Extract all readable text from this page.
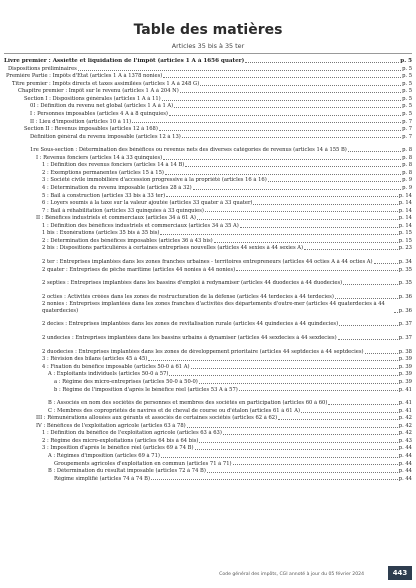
Table des matières
Articles 35 bis à 35 ter
Livre premier : Assiette et liquidation de l'impôt (articles 1 A à 1656 quater)	p. 5
Dispositions préliminaires	p. 5
Première Partie : Impôts d'État (articles 1 A à 1378 nonies)	p. 5
Titre premier : Impôts directs et taxes assimilées (articles 1 A à 248 G)	p. 5
Chapitre premier : Impôt sur le revenu (articles 1 A à 204 N)	p. 5
Section I : Dispositions générales (articles 1 A à 11)	p. 5
0I : Définition du revenu net global (articles 1 A à 1 A)	p. 5
I : Personnes imposables (articles 4 A à 8 quinquies)	p. 5
II : Lieu d'imposition (articles 10 à 11)	p. 7
Section II : Revenus imposables (articles 12 à 168)	p. 7
Définition général du revenu imposable (articles 12 à 13)	p. 7
1re Sous-section : Détermination des bénéfices ou revenus nets des diverses catégories de revenus (articles 14 à 155 B)	p. 8
I : Revenus fonciers (articles 14 à 33 quinquies)	p. 8
1 : Définition des revenus fonciers (articles 14 à 14 B)	p. 8
2 : Exemptions permanentes (articles 15 à 15)	p. 8
3 : Société civile immobilière d'accession progressive à la propriété (articles 16 à 16)	p. 9
4 : Détermination du revenu imposable (articles 28 à 32)	p. 9
5 : Bail à construction (articles 33 bis à 33 ter)	p. 14
6 : Loyers soumis à la taxe sur la valeur ajoutée (articles 33 quater à 33 quater)	p. 14
7 : Bail à réhabilitation (articles 33 quinquies à 33 quinquies)	p. 14
II : Bénéfices industriels et commerciaux (articles 34 à 61 A)	p. 14
1 : Définition des bénéfices industriels et commerciaux (articles 34 à 35 A)	p. 14
1 bis : Exonérations (articles 35 bis à 35 bis)	p. 15
2 : Détermination des bénéfices imposables (articles 36 à 43 bis)	p. 15
2 bis : Dispositions particulières à certaines entreprises nouvelles (articles 44 sexies à 44 sexies A)	p. 23
2 ter : Entreprises implantées dans les zones franches urbaines - territoires entrepreneurs (articles 44 octies A à 44 octies A)	p. 34
2 quater : Entreprises de pêche maritime (articles 44 nonies à 44 nonies)	p. 35
2 septies : Entreprises implantées dans les bassins d'emploi à redynamiser (articles 44 duodecies à 44 duodecies)	p. 35
2 octies : Activités créées dans les zones de restructuration de la défense (articles 44 terdecies à 44 terdecies)	p. 36
2 nonies : Entreprises implantées dans les zones franches d'activités des départements d'outre-mer (articles 44 quaterdecies à 44 quaterdecies)	p. 36
2 decies : Entreprises implantées dans les zones de revitalisation rurale (articles 44 quindecies à 44 quindecies)	p. 37
2 undecies : Entreprises implantées dans les bassins urbains à dynamiser (articles 44 sexdecies à 44 sexdecies)	p. 37
2 duodecies : Entreprises implantées dans les zones de développement prioritaire (articles 44 septdecies à 44 septdecies)	p. 38
3 : Révision des bilans (articles 45 à 45)	p. 39
4 : Fixation du bénéfice imposable (articles 50-0 à 61 A)	p. 39
A : Exploitants individuels (articles 50-0 à 57)	p. 39
a : Régime des micro-entreprises (articles 50-0 à 50-0)	p. 39
b : Régime de l'imposition d'après le bénéfice réel (articles 53 A à 57)	p. 41
B : Associés en nom des sociétés de personnes et membres des sociétés en participation (articles 60 à 60)	p. 41
C : Membres des copropriétés de navires et de cheval de course ou d'étalon (articles 61 à 61 A)	p. 41
III : Rémunérations allouées aux gérants et associés de certaines sociétés (articles 62 à 62)	p. 42
IV : Bénéfices de l'exploitation agricole (articles 63 à 78)	p. 42
1 : Définition du bénéfice de l'exploitation agricole (articles 63 à 63)	p. 42
2 : Régime des micro-exploitations (articles 64 bis à 64 bis)	p. 43
3 : Imposition d'après le bénéfice réel (articles 69 à 74 B)	p. 44
A : Régimes d'imposition (articles 69 à 71)	p. 44
Groupements agricoles d'exploitation en commun (articles 71 à 71)	p. 44
B : Détermination du résultat imposable (articles 72 à 74 B)	p. 44
Régime simplifié (articles 74 à 74 B)	p. 44
Code général des impôts, CGI annoté à jour du 05 février 2024	443
